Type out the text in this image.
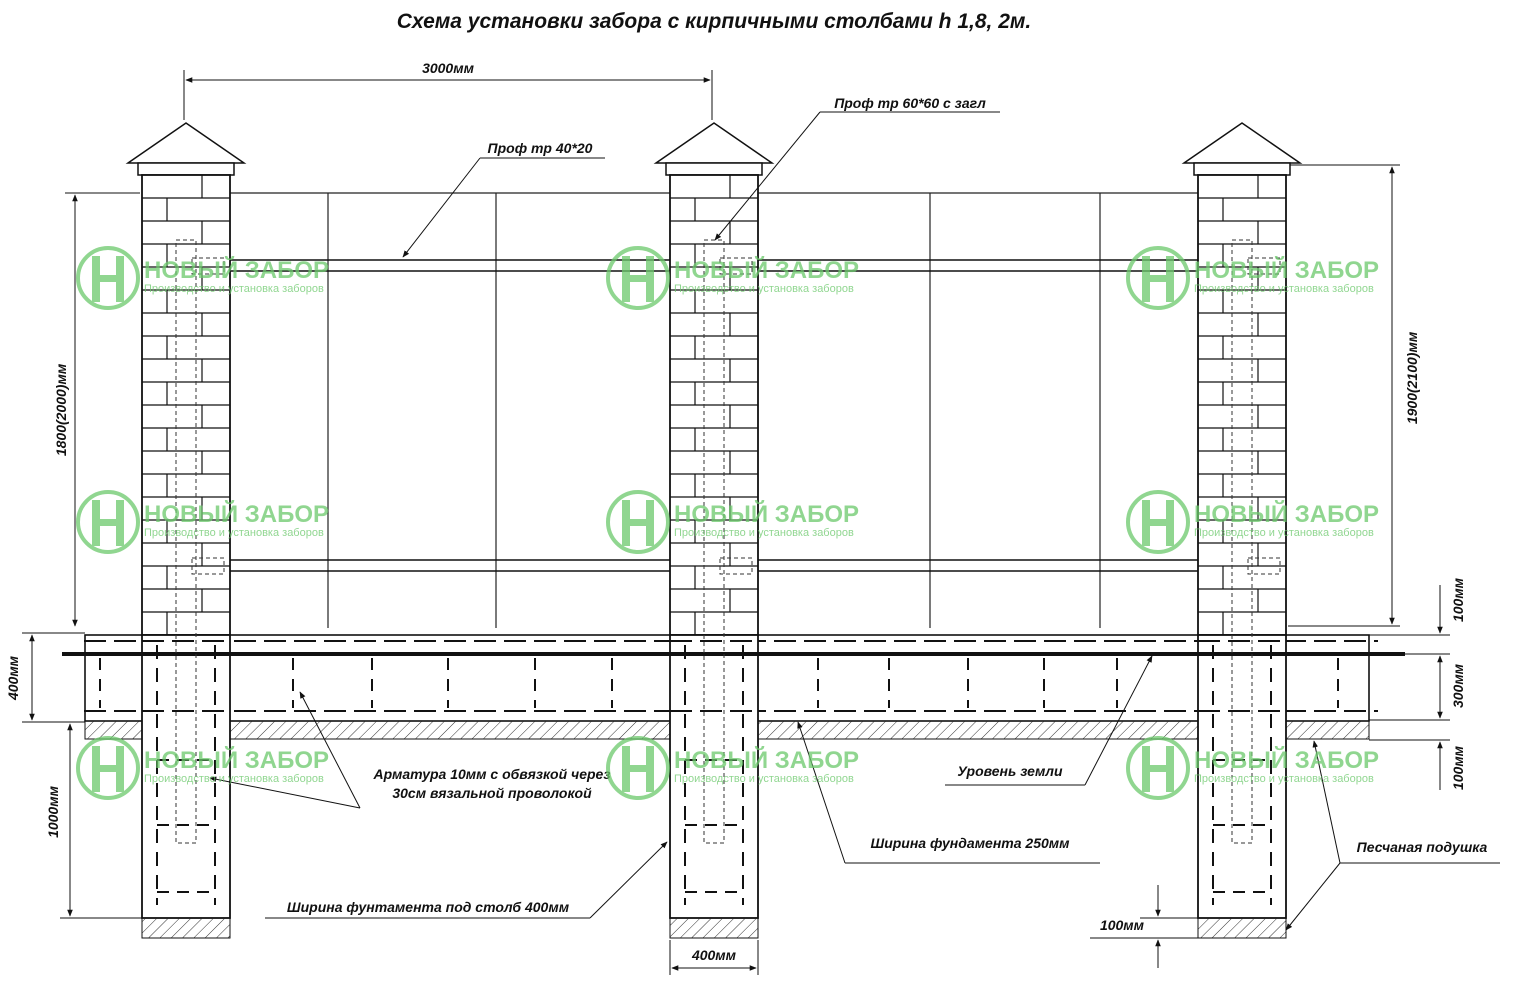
Схема установки забора с кирпичными столбами h 1,8, 2м.
3000мм
Проф тр 60*60 с загл
Проф тр 40*20
1800(2000)мм	1900(2100)мм
400мм
1000мм
100мм
300мм
100мм
Арматура 10мм с обвязкой через
30см вязальной проволокой
Уровень земли
Ширина фундамента 250мм	Песчаная подушка
Ширина фунтамента под столб 400мм
400мм
100мм
НОВЫЙ ЗАБОР
Производство и установка заборов
НОВЫЙ ЗАБОР
Производство и установка заборов
НОВЫЙ ЗАБОР
Производство и установка заборов
НОВЫЙ ЗАБОР
Производство и установка заборов
НОВЫЙ ЗАБОР
Производство и установка заборов
НОВЫЙ ЗАБОР
Производство и установка заборов
НОВЫЙ ЗАБОР
Производство и установка заборов
НОВЫЙ ЗАБОР
Производство и установка заборов
НОВЫЙ ЗАБОР
Производство и установка заборов
